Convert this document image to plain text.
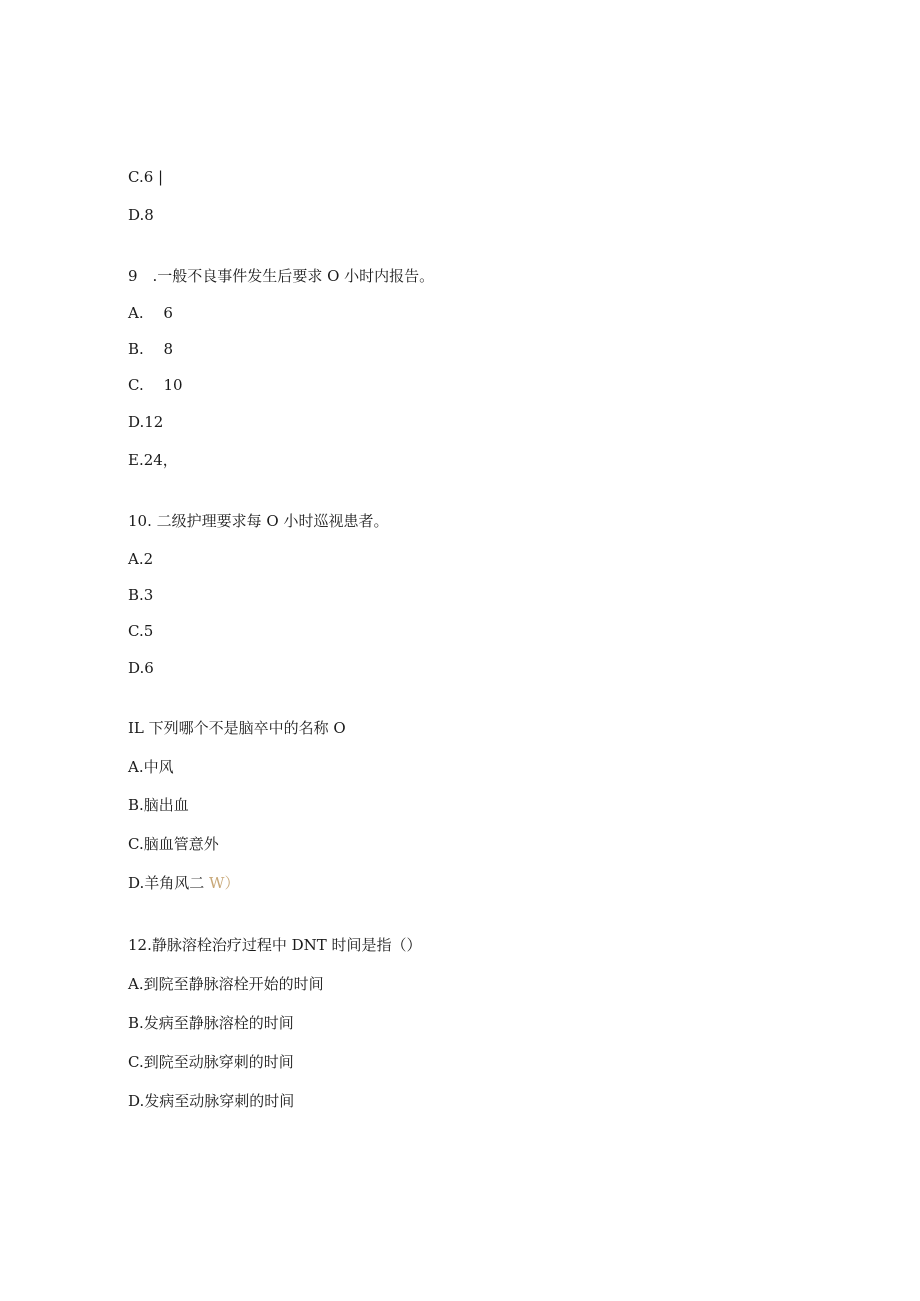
C.6 |
D.8
9　.一般不良事件发生后要求 O 小时内报告。
A.　 6
B.　 8
C.　 10
D.12
E.24，
10. 二级护理要求每 O 小时巡视患者。
A.2
B.3
C.5
D.6
IL 下列哪个不是脑卒中的名称 O
A.中风
B.脑出血
C.脑血管意外
D.羊角风二 W）
12.静脉溶栓治疗过程中 DNT 时间是指（）
A.到院至静脉溶栓开始的时间
B.发病至静脉溶栓的时间
C.到院至动脉穿刺的时间
D.发病至动脉穿刺的时间
